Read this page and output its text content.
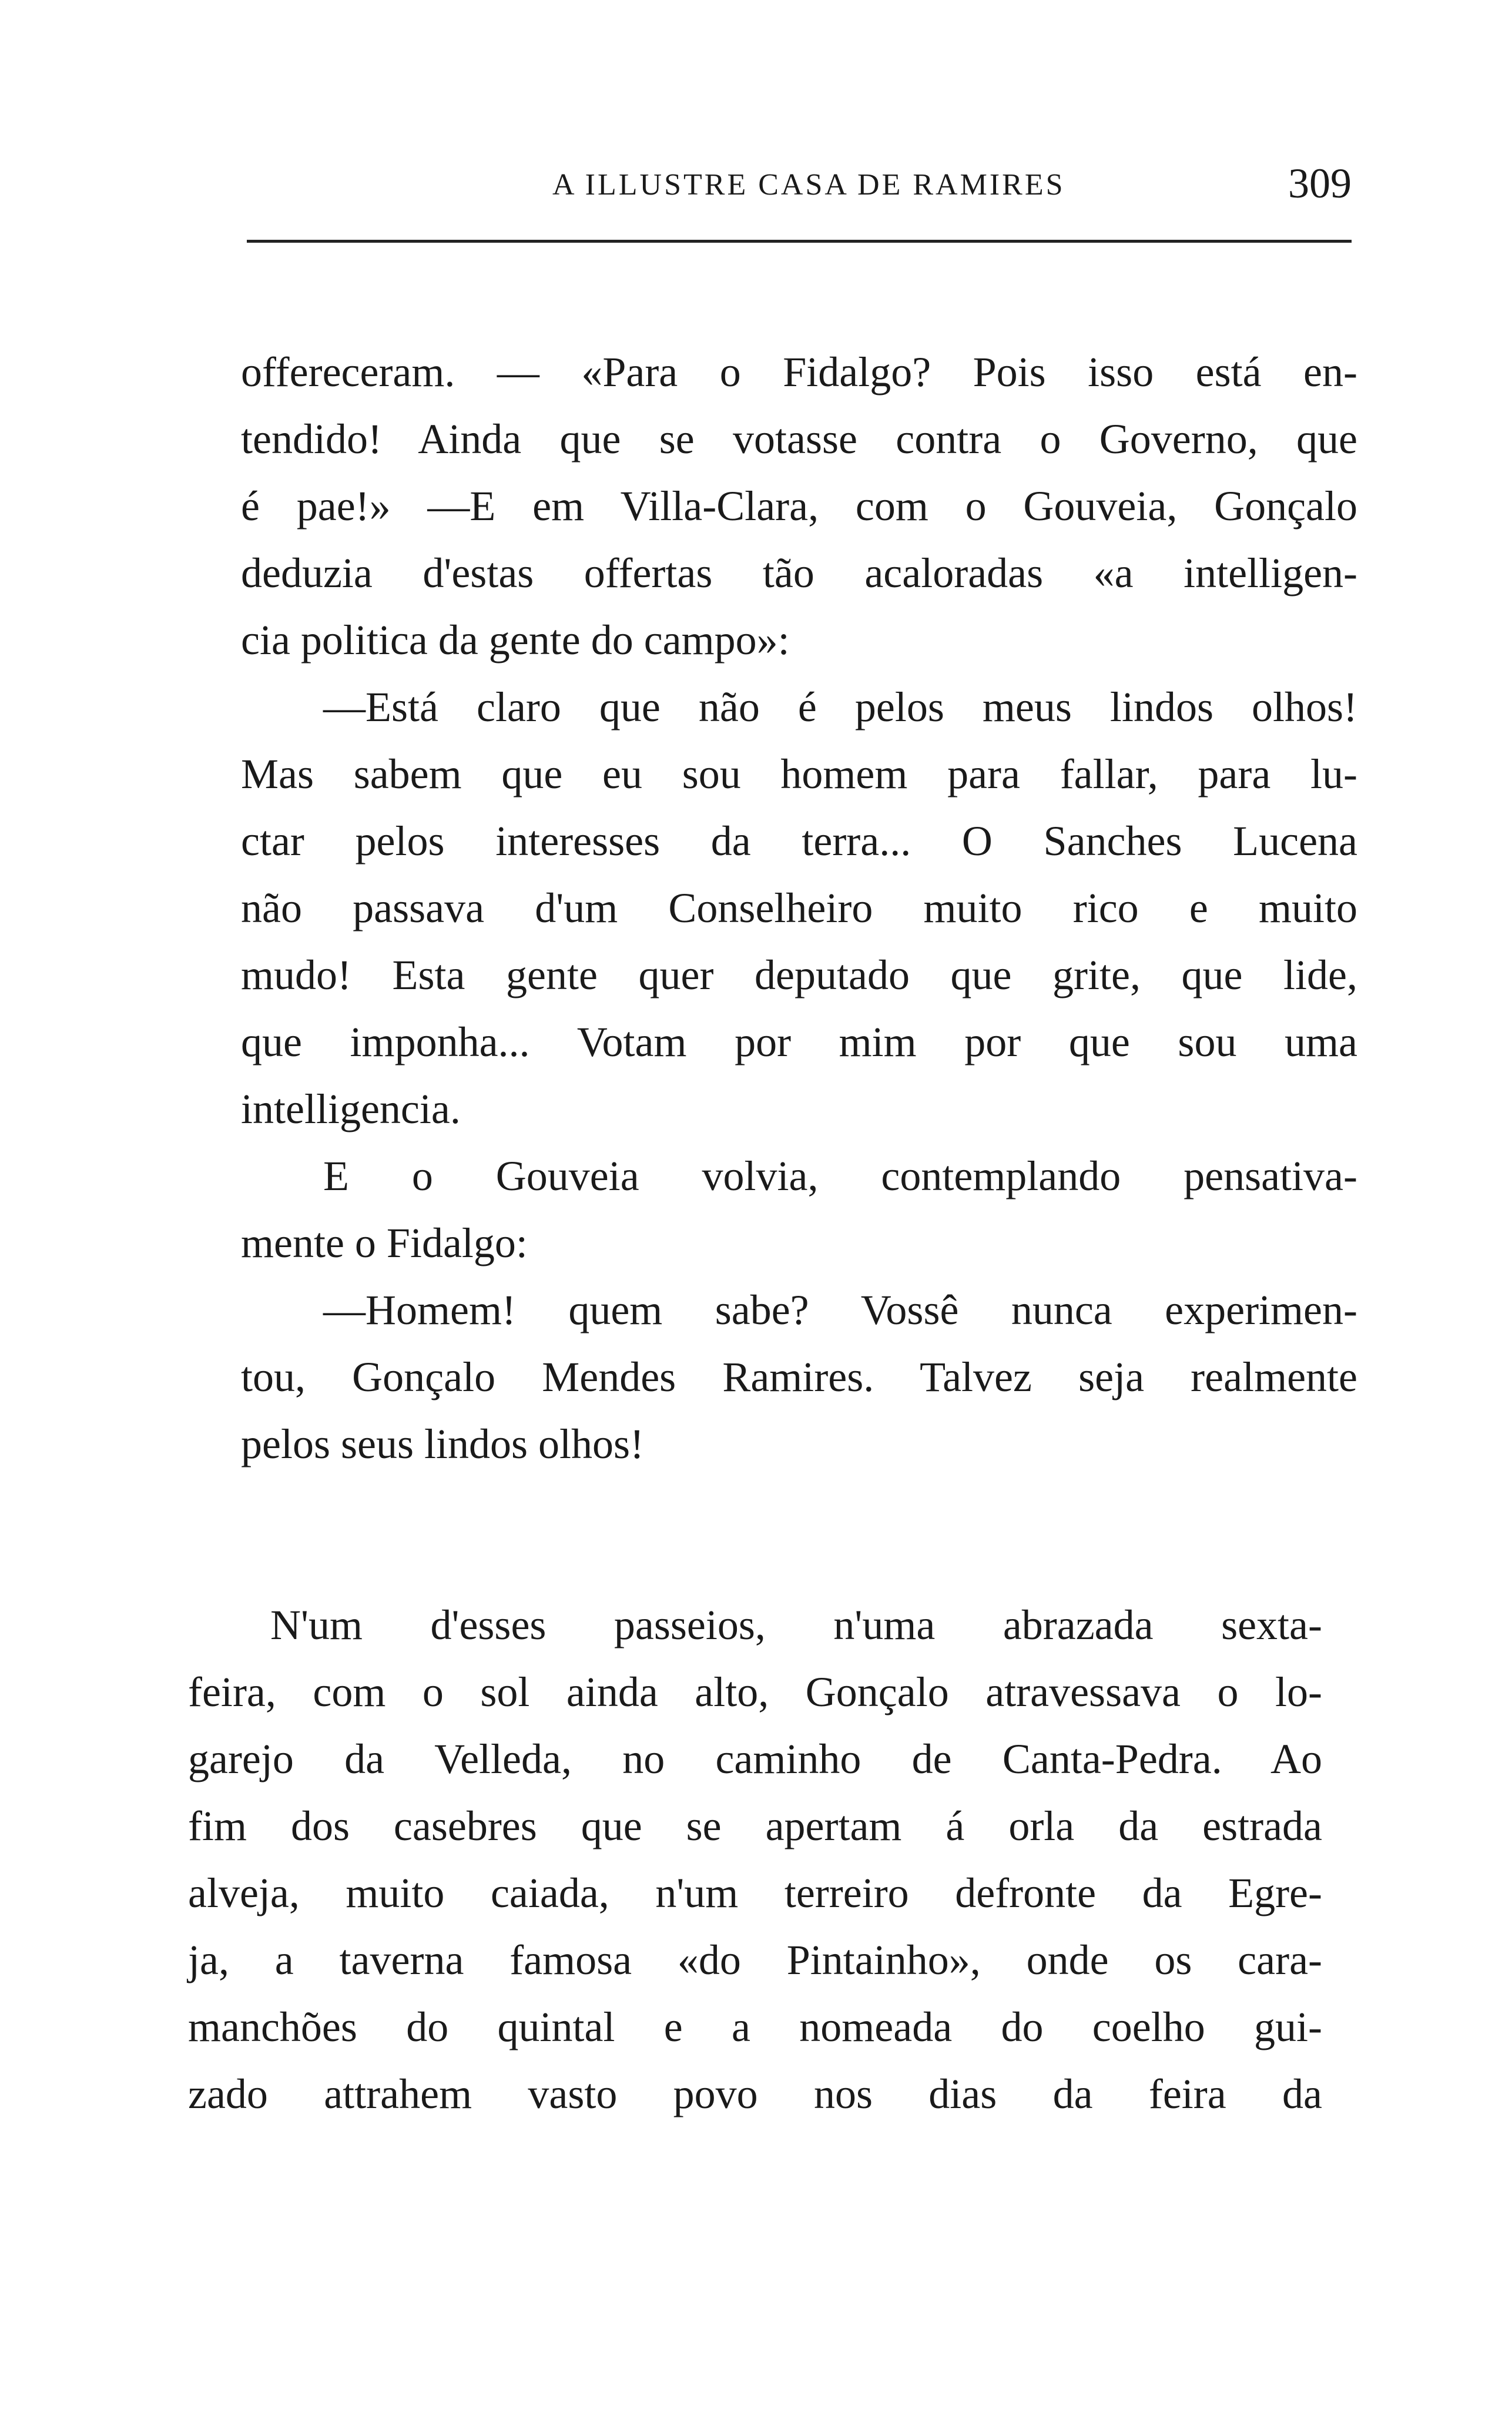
A ILLUSTRE CASA DE RAMIRES	309
offereceram. — «Para o Fidalgo? Pois isso está en-
tendido! Ainda que se votasse contra o Governo, que
é pae!» —E em Villa-Clara, com o Gouveia, Gonçalo
deduzia d'estas offertas tão acaloradas «a intelligen-
cia politica da gente do campo»:
—Está claro que não é pelos meus lindos olhos!
Mas sabem que eu sou homem para fallar, para lu-
ctar pelos interesses da terra... O Sanches Lucena
não passava d'um Conselheiro muito rico e muito
mudo! Esta gente quer deputado que grite, que lide,
que imponha... Votam por mim por que sou uma
intelligencia.
E o Gouveia volvia, contemplando pensativa-
mente o Fidalgo:
—Homem! quem sabe? Vossê nunca experimen-
tou, Gonçalo Mendes Ramires. Talvez seja realmente
pelos seus lindos olhos!
N'um d'esses passeios, n'uma abrazada sexta-
feira, com o sol ainda alto, Gonçalo atravessava o lo-
garejo da Velleda, no caminho de Canta-Pedra. Ao
fim dos casebres que se apertam á orla da estrada
alveja, muito caiada, n'um terreiro defronte da Egre-
ja, a taverna famosa «do Pintainho», onde os cara-
manchões do quintal e a nomeada do coelho gui-
zado attrahem vasto povo nos dias da feira da
